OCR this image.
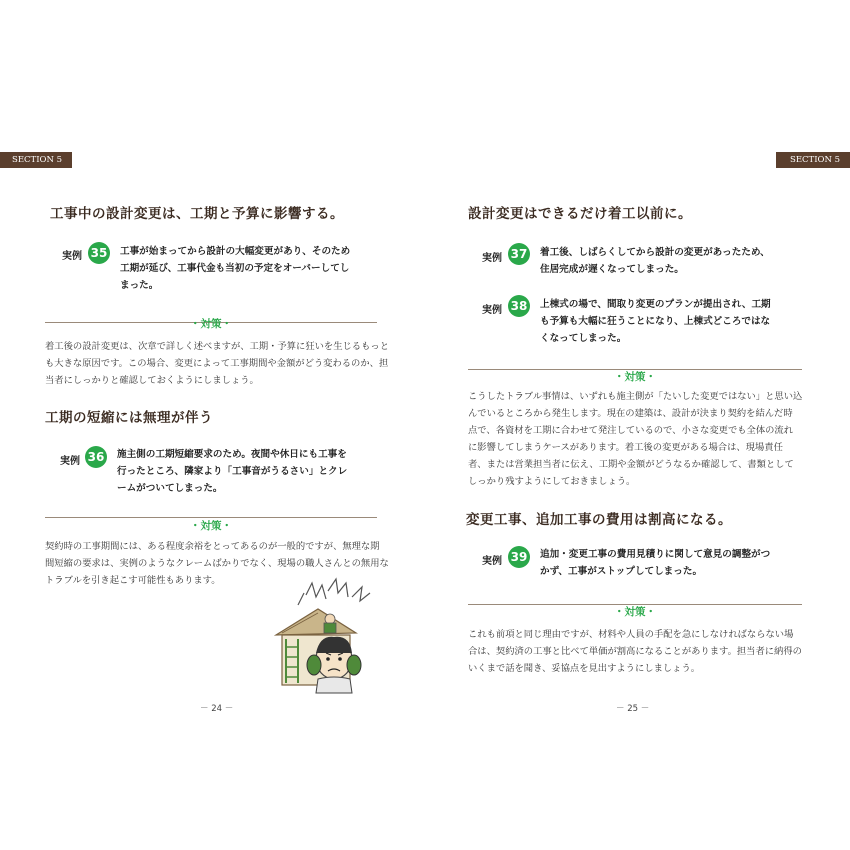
SECTION 5
工事中の設計変更は、工期と予算に影響する。
実例 35 工事が始まってから設計の大幅変更があり、そのため
工期が延び、工事代金も当初の予定をオーバーしてし
まった。
・対策・
着工後の設計変更は、次章で詳しく述べますが、工期・予算に狂いを生じるもっと
も大きな原因です。この場合、変更によって工事期間や金額がどう変わるのか、担
当者にしっかりと確認しておくようにしましょう。
工期の短縮には無理が伴う
実例 36 施主側の工期短縮要求のため。夜間や休日にも工事を
行ったところ、隣家より「工事音がうるさい」とクレ
ームがついてしまった。
・対策・
契約時の工事期間には、ある程度余裕をとってあるのが一般的ですが、無理な期
間短縮の要求は、実例のようなクレームばかりでなく、現場の職人さんとの無用な
トラブルを引き起こす可能性もあります。
－ 24 －
SECTION 5
設計変更はできるだけ着工以前に。
実例 37 着工後、しばらくしてから設計の変更があったため、
住居完成が遅くなってしまった。
実例 38 上棟式の場で、間取り変更のプランが提出され、工期
も予算も大幅に狂うことになり、上棟式どころではな
くなってしまった。
・対策・
こうしたトラブル事情は、いずれも施主側が「たいした変更ではない」と思い込
んでいるところから発生します。現在の建築は、設計が決まり契約を結んだ時
点で、各資材を工期に合わせて発注しているので、小さな変更でも全体の流れ
に影響してしまうケースがあります。着工後の変更がある場合は、現場責任
者、または営業担当者に伝え、工期や金額がどうなるか確認して、書類として
しっかり残すようにしておきましょう。
変更工事、追加工事の費用は割高になる。
実例 39 追加・変更工事の費用見積りに関して意見の調整がつ
かず、工事がストップしてしまった。
・対策・
これも前項と同じ理由ですが、材料や人員の手配を急にしなければならない場
合は、契約済の工事と比べて単価が割高になることがあります。担当者に納得の
いくまで話を聞き、妥協点を見出すようにしましょう。
－ 25 －
